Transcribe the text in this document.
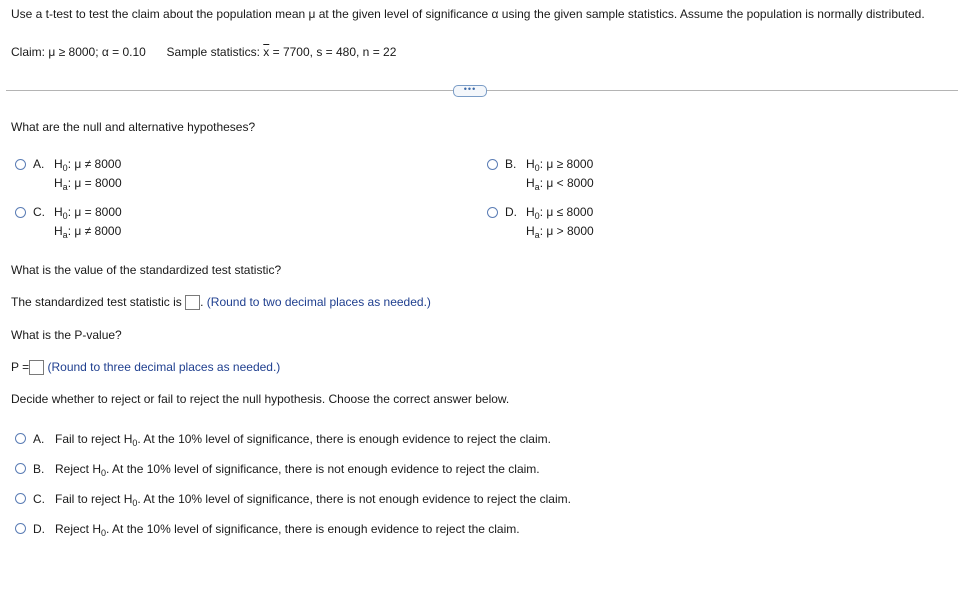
Use a t-test to test the claim about the population mean μ at the given level of significance α using the given sample statistics. Assume the population is normally distributed.
Claim: μ ≥ 8000; α = 0.10 Sample statistics: $\overline{x} = 7700$, s = 480, n = 22
•••
What are the null and alternative hypotheses?
A. $H_0$: μ ≠ 8000
$H_a$: μ = 8000
B. $H_0$: μ ≥ 8000
$H_a$: μ < 8000
C. $H_0$: μ = 8000
$H_a$: μ ≠ 8000
D. $H_0$: μ ≤ 8000
$H_a$: μ > 8000
What is the value of the standardized test statistic?
The standardized test statistic is . (Round to two decimal places as needed.)
What is the P-value?
P = (Round to three decimal places as needed.)
Decide whether to reject or fail to reject the null hypothesis. Choose the correct answer below.
A. Fail to reject $H_0$. At the 10% level of significance, there is enough evidence to reject the claim.
B. Reject $H_0$. At the 10% level of significance, there is not enough evidence to reject the claim.
C. Fail to reject $H_0$. At the 10% level of significance, there is not enough evidence to reject the claim.
D. Reject $H_0$. At the 10% level of significance, there is enough evidence to reject the claim.
